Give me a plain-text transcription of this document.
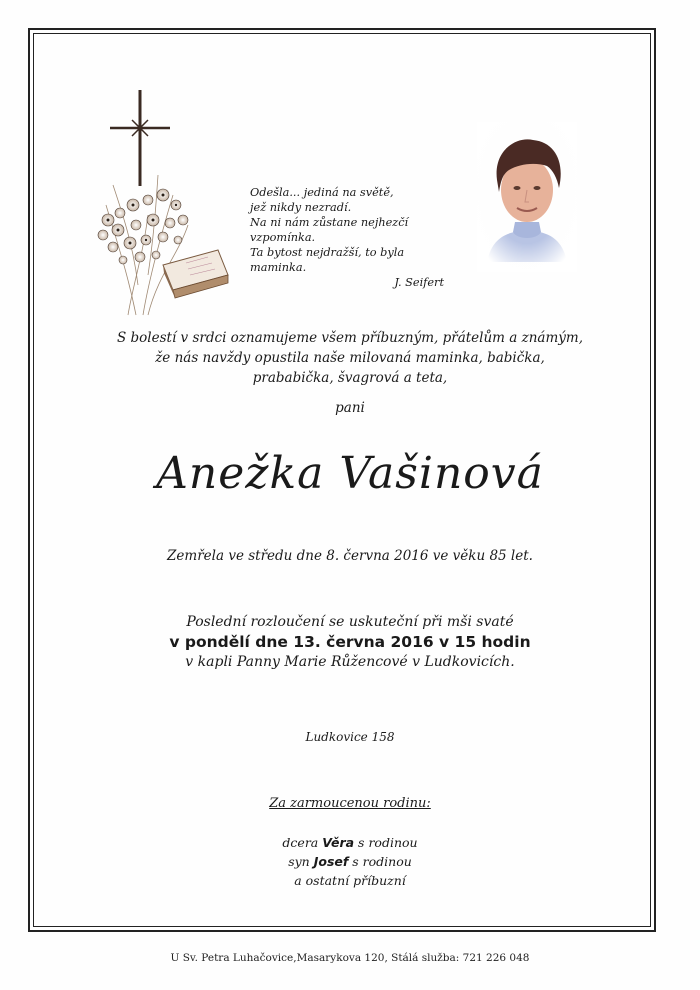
Odešla... jediná na světě,
jež nikdy nezradí.
Na ni nám zůstane nejhezčí vzpomínka.
Ta bytost nejdražší, to byla maminka.
J. Seifert
S bolestí v srdci oznamujeme všem příbuzným, přátelům a známým,
že nás navždy opustila naše milovaná maminka, babička,
prababička, švagrová a teta,
pani
Anežka Vašinová
Zemřela ve středu dne 8. června 2016 ve věku 85 let.
Poslední rozloučení se uskuteční při mši svaté
v pondělí dne 13. června 2016 v 15 hodin
v kapli Panny Marie Růžencové v Ludkovicích.
Ludkovice 158
Za zarmoucenou rodinu:
dcera Věra s rodinou
syn Josef s rodinou
a ostatní příbuzní
U Sv. Petra Luhačovice,Masarykova 120, Stálá služba: 721 226 048
